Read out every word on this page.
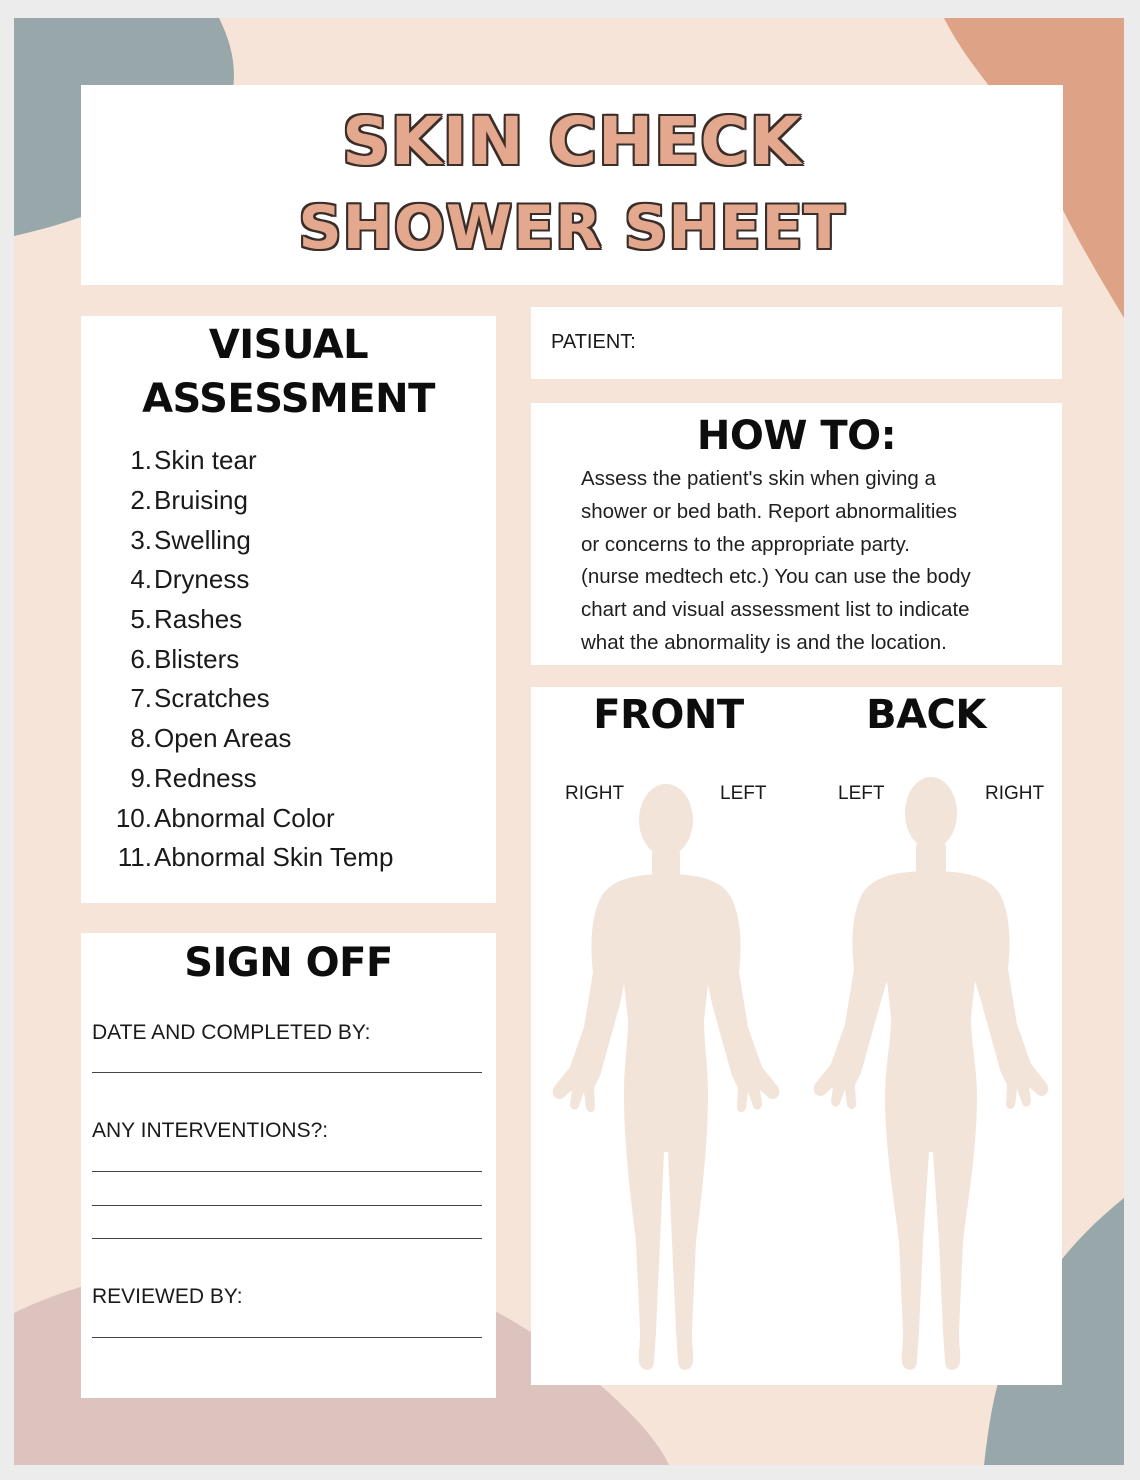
SKIN CHECK
SHOWER SHEET
VISUAL
ASSESSMENT
1. Skin tear
2. Bruising
3. Swelling
4. Dryness
5. Rashes
6. Blisters
7. Scratches
8. Open Areas
9. Redness
10. Abnormal Color
11. Abnormal Skin Temp
SIGN OFF
DATE AND COMPLETED BY:
ANY INTERVENTIONS?:
REVIEWED BY:
PATIENT:
HOW TO:

Assess the patient's skin when giving a
shower or bed bath. Report abnormalities
or concerns to the appropriate party.
(nurse medtech etc.) You can use the body
chart and visual assessment list to indicate
what the abnormality is and the location.

FRONT	BACK
RIGHT	LEFT	LEFT	RIGHT
